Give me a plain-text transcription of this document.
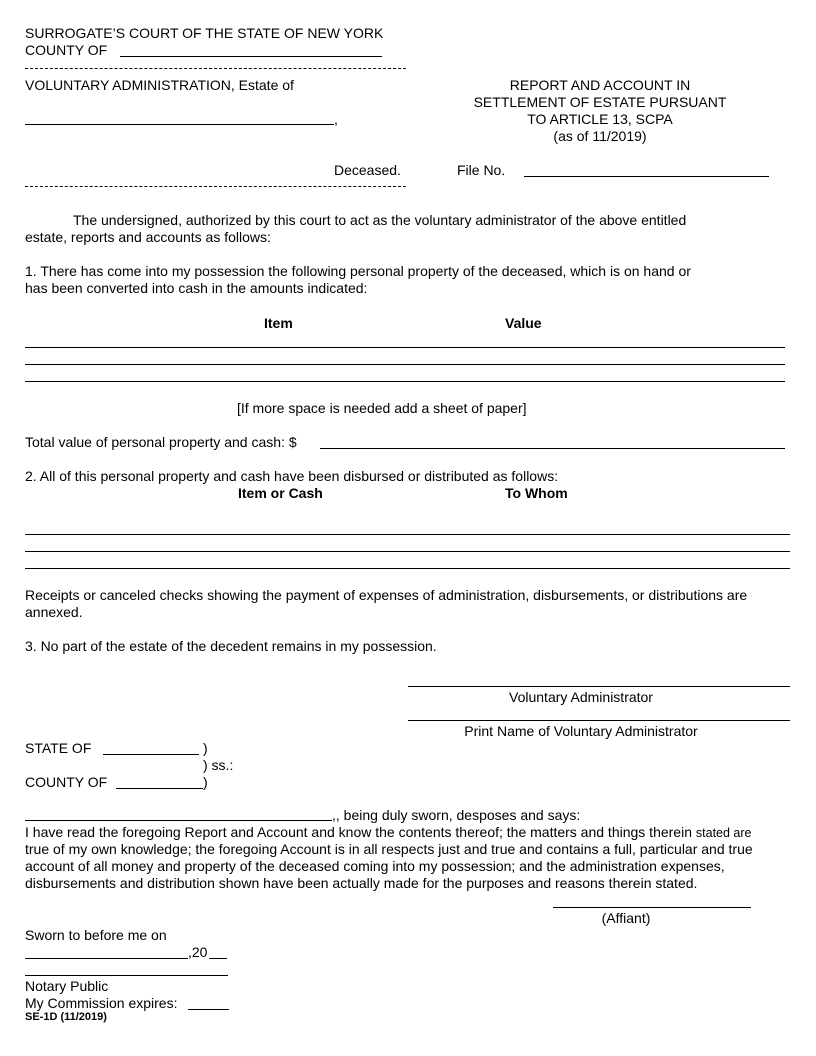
SURROGATE’S COURT OF THE STATE OF NEW YORK
COUNTY OF
VOLUNTARY ADMINISTRATION, Estate of
,
Deceased.
REPORT AND ACCOUNT IN
SETTLEMENT OF ESTATE PURSUANT
TO ARTICLE 13, SCPA
(as of 11/2019)
File No.
The undersigned, authorized by this court to act as the voluntary administrator of the above entitled
estate, reports and accounts as follows:
1. There has come into my possession the following personal property of the deceased, which is on hand or
has been converted into cash in the amounts indicated:
Item	Value
[If more space is needed add a sheet of paper]
Total value of personal property and cash: $
2. All of this personal property and cash have been disbursed or distributed as follows:
Item or Cash	To Whom
Receipts or canceled checks showing the payment of expenses of administration, disbursements, or distributions are
annexed.
3. No part of the estate of the decedent remains in my possession.
Voluntary Administrator
Print Name of Voluntary Administrator
STATE OF	)
) ss.:
COUNTY OF	)
,, being duly sworn, desposes and says:
I have read the foregoing Report and Account and know the contents thereof; the matters and things therein stated are
true of my own knowledge; the foregoing Account is in all respects just and true and contains a full, particular and true
account of all money and property of the deceased coming into my possession; and the administration expenses,
disbursements and distribution shown have been actually made for the purposes and reasons therein stated.
(Affiant)
Sworn to before me on
,20
Notary Public
My Commission expires:
SE-1D (11/2019)
